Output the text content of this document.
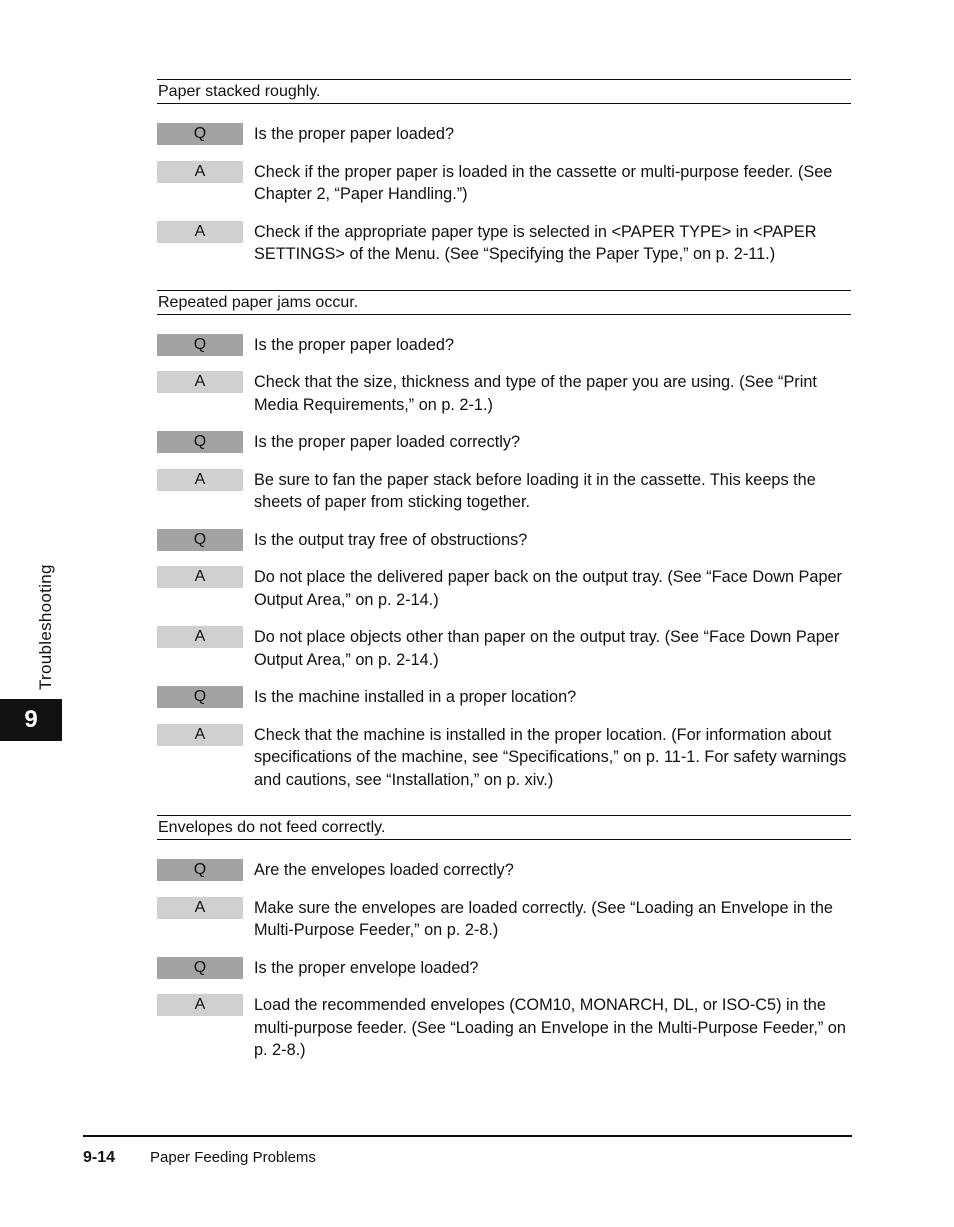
Paper stacked roughly.
Q	Is the proper paper loaded?
A	Check if the proper paper is loaded in the cassette or multi-purpose feeder. (See Chapter 2, “Paper Handling.”)
A	Check if the appropriate paper type is selected in <PAPER TYPE> in <PAPER SETTINGS> of the Menu. (See “Specifying the Paper Type,” on p. 2-11.)
Repeated paper jams occur.
Q	Is the proper paper loaded?
A	Check that the size, thickness and type of the paper you are using. (See “Print Media Requirements,” on p. 2-1.)
Q	Is the proper paper loaded correctly?
A	Be sure to fan the paper stack before loading it in the cassette. This keeps the sheets of paper from sticking together.
Q	Is the output tray free of obstructions?
A	Do not place the delivered paper back on the output tray. (See “Face Down Paper Output Area,” on p. 2-14.)
A	Do not place objects other than paper on the output tray. (See “Face Down Paper Output Area,” on p. 2-14.)
Q	Is the machine installed in a proper location?
A	Check that the machine is installed in the proper location. (For information about specifications of the machine, see “Specifications,” on p. 11-1. For safety warnings and cautions, see “Installation,” on p. xiv.)
Envelopes do not feed correctly.
Q	Are the envelopes loaded correctly?
A	Make sure the envelopes are loaded correctly. (See “Loading an Envelope in the Multi-Purpose Feeder,” on p. 2-8.)
Q	Is the proper envelope loaded?
A	Load the recommended envelopes (COM10, MONARCH, DL, or ISO-C5) in the multi-purpose feeder. (See “Loading an Envelope in the Multi-Purpose Feeder,” on p. 2-8.)
Troubleshooting
9
9-14 Paper Feeding Problems
